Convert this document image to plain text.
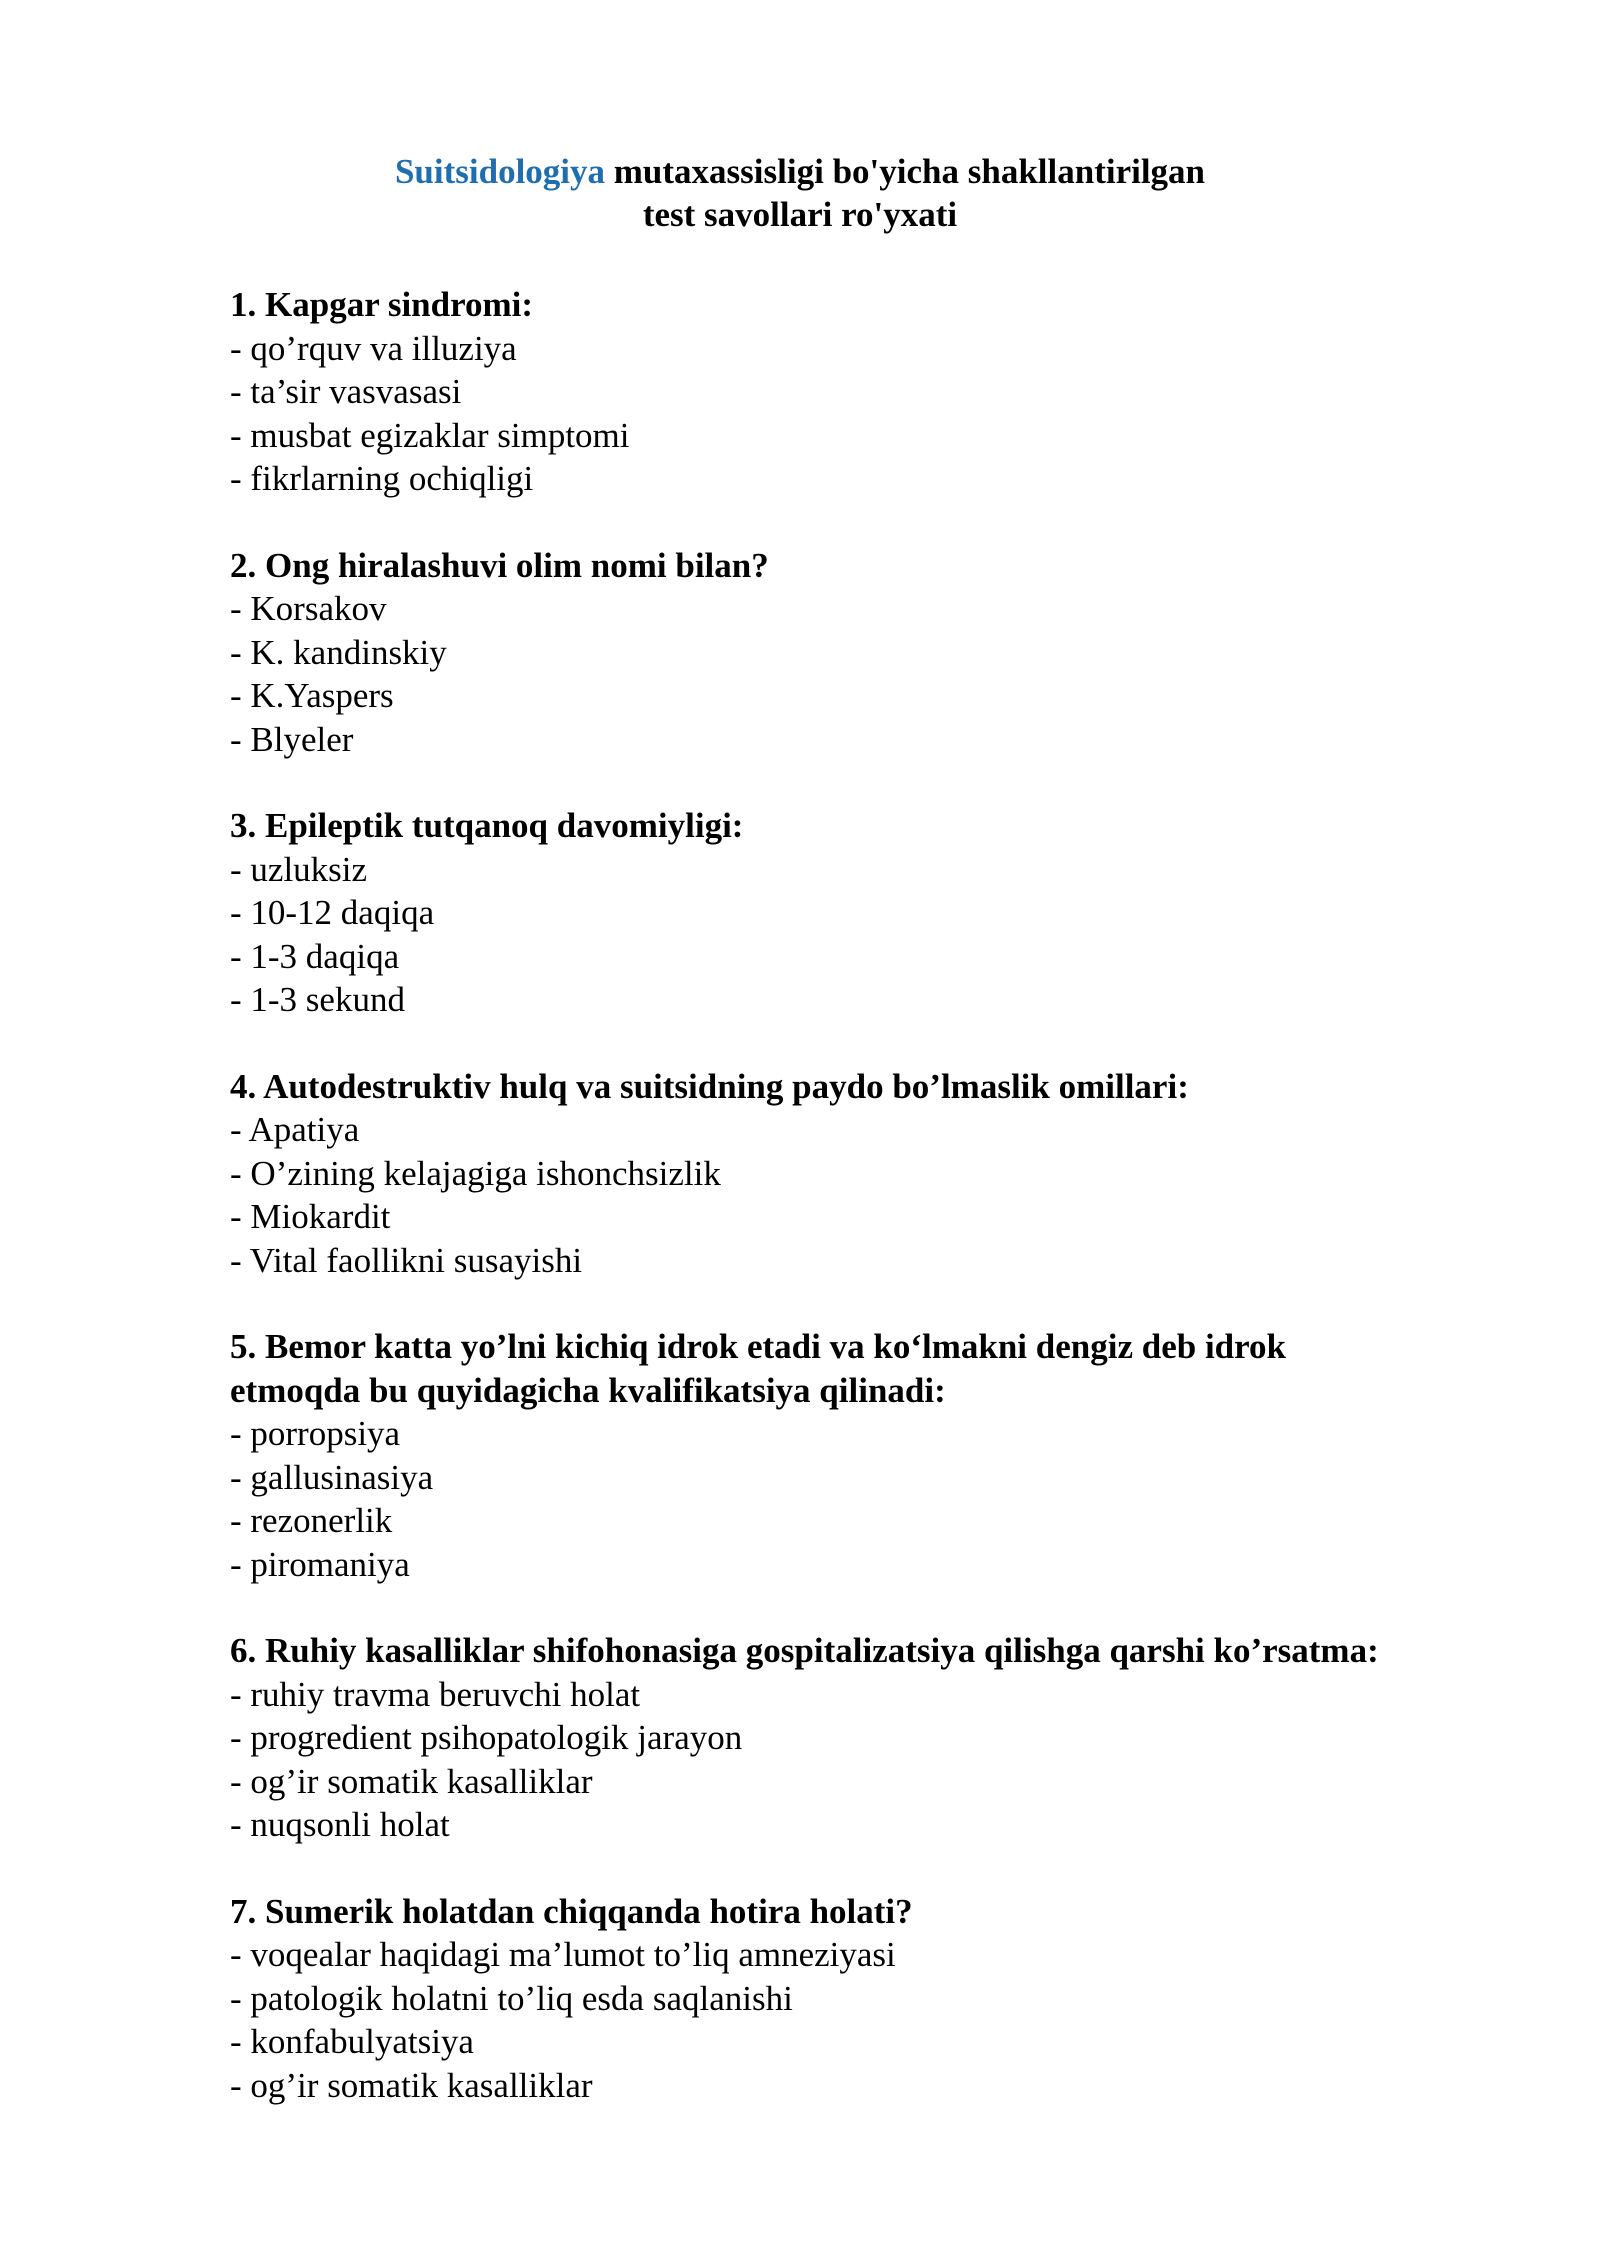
Suitsidologiya mutaxassisligi bo'yicha shakllantirilgan
test savollari ro'yxati

1. Kapgar sindromi:

- qo’rquv va illuziya

- ta’sir vasvasasi

- musbat egizaklar simptomi

- fikrlarning ochiqligi

2. Ong hiralashuvi olim nomi bilan?

- Korsakov

- K. kandinskiy

- K.Yaspers

- Blyeler

3. Epileptik tutqanoq davomiyligi:

- uzluksiz

- 10-12 daqiqa

- 1-3 daqiqa

- 1-3 sekund

4. Autodestruktiv hulq va suitsidning paydo bo’lmaslik omillari:

- Apatiya

- O’zining kelajagiga ishonchsizlik

- Miokardit

- Vital faollikni susayishi

5. Bemor katta yo’lni kichiq idrok etadi va ko‘lmakni dengiz deb idrok

etmoqda bu quyidagicha kvalifikatsiya qilinadi:

- porropsiya

- gallusinasiya

- rezonerlik

- piromaniya

6. Ruhiy kasalliklar shifohonasiga gospitalizatsiya qilishga qarshi ko’rsatma:

- ruhiy travma beruvchi holat

- progredient psihopatologik jarayon

- og’ir somatik kasalliklar

- nuqsonli holat

7. Sumerik holatdan chiqqanda hotira holati?

- voqealar haqidagi ma’lumot to’liq amneziyasi

- patologik holatni to’liq esda saqlanishi

- konfabulyatsiya

- og’ir somatik kasalliklar
